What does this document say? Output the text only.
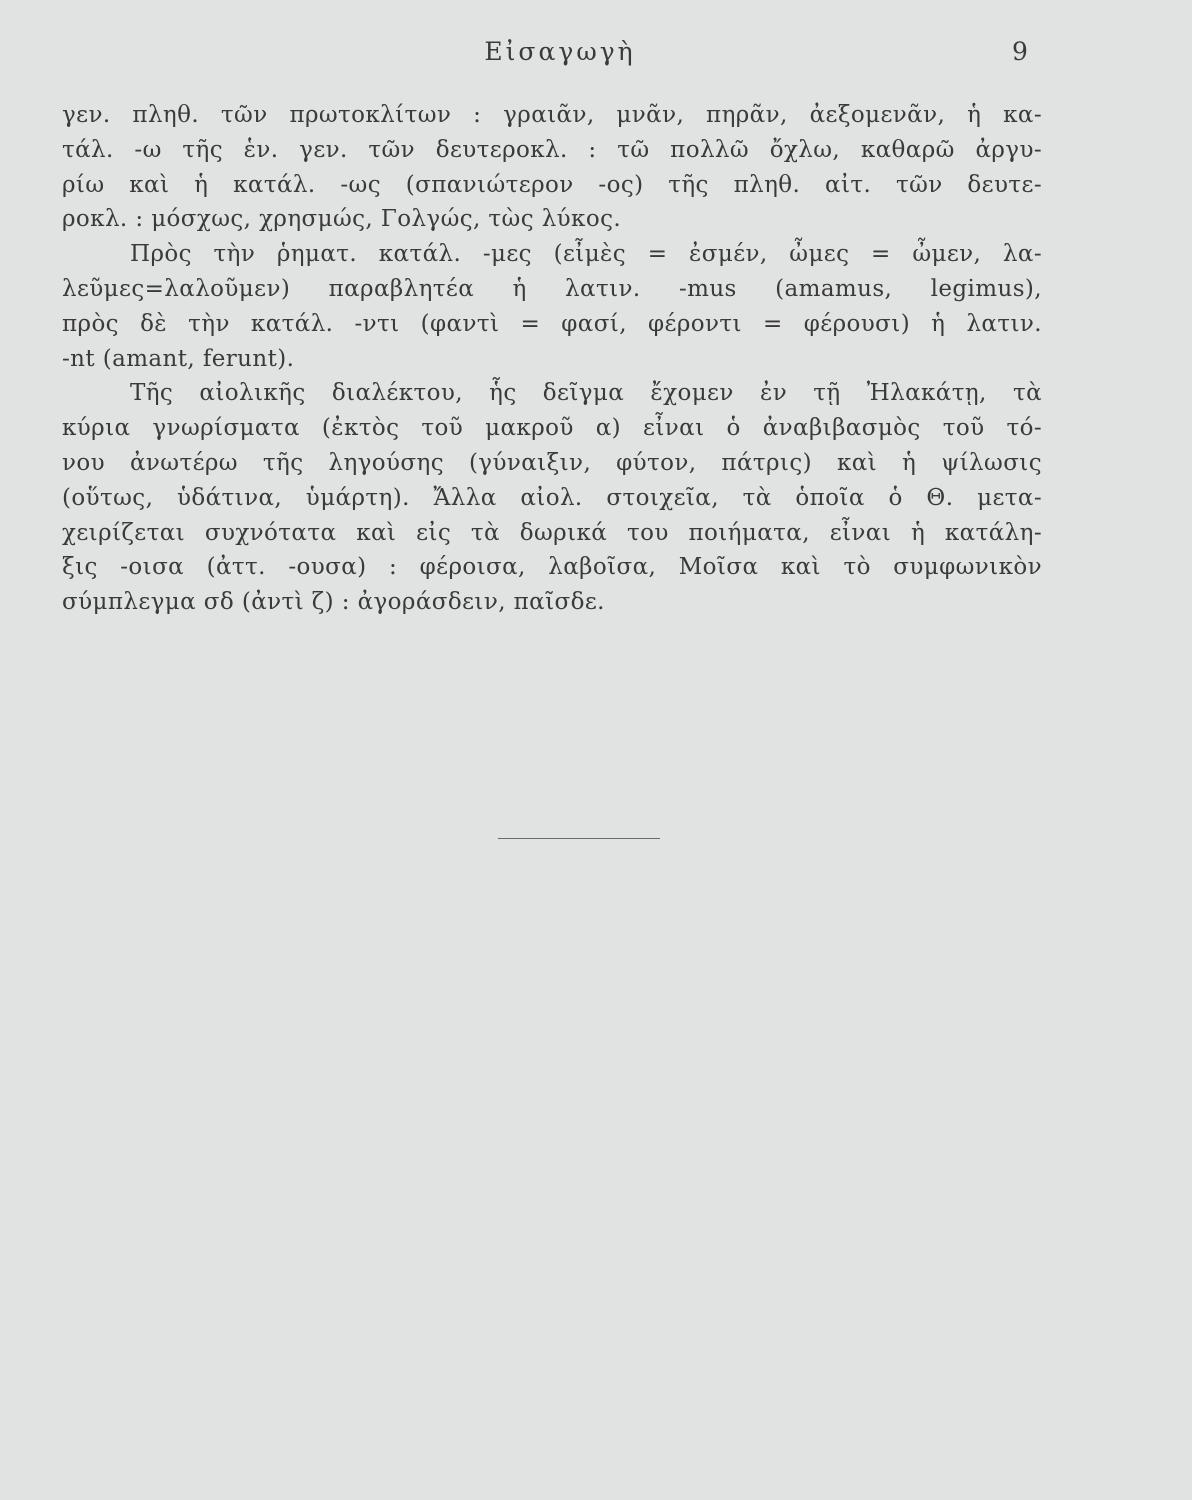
Εἰσαγωγὴ	9
γεν. πληθ. τῶν πρωτοκλίτων : γραιᾶν, μνᾶν, πηρᾶν, ἀεξομενᾶν, ἡ κα-
τάλ. -ω τῆς ἑν. γεν. τῶν δευτεροκλ. : τῶ πολλῶ ὄχλω, καθαρῶ ἀργυ-
ρίω καὶ ἡ κατάλ. -ως (σπανιώτερον -ος) τῆς πληθ. αἰτ. τῶν δευτε-
ροκλ. : μόσχως, χρησμώς, Γολγώς, τὼς λύκος.
Πρὸς τὴν ῥηματ. κατάλ. -μες (εἶμὲς = ἐσμέν, ὦμες = ὦμεν, λα-
λεῦμες=λαλοῦμεν) παραβλητέα ἡ λατιν. -mus (amamus, legimus),
πρὸς δὲ τὴν κατάλ. -ντι (φαντὶ = φασί, φέροντι = φέρουσι) ἡ λατιν.
-nt (amant, ferunt).
Τῆς αἰολικῆς διαλέκτου, ἧς δεῖγμα ἔχομεν ἐν τῇ Ἠλακάτῃ, τὰ
κύρια γνωρίσματα (ἐκτὸς τοῦ μακροῦ α) εἶναι ὁ ἀναβιβασμὸς τοῦ τό-
νου ἀνωτέρω τῆς ληγούσης (γύναιξιν, φύτον, πάτρις) καὶ ἡ ψίλωσις
(οὕτως, ὑδάτινα, ὑμάρτη). Ἄλλα αἰολ. στοιχεῖα, τὰ ὁποῖα ὁ Θ. μετα-
χειρίζεται συχνότατα καὶ εἰς τὰ δωρικά του ποιήματα, εἶναι ἡ κατάλη-
ξις -οισα (ἀττ. -ουσα) : φέροισα, λαβοῖσα, Μοῖσα καὶ τὸ συμφωνικὸν
σύμπλεγμα σδ (ἀντὶ ζ) : ἀγοράσδειν, παῖσδε.
